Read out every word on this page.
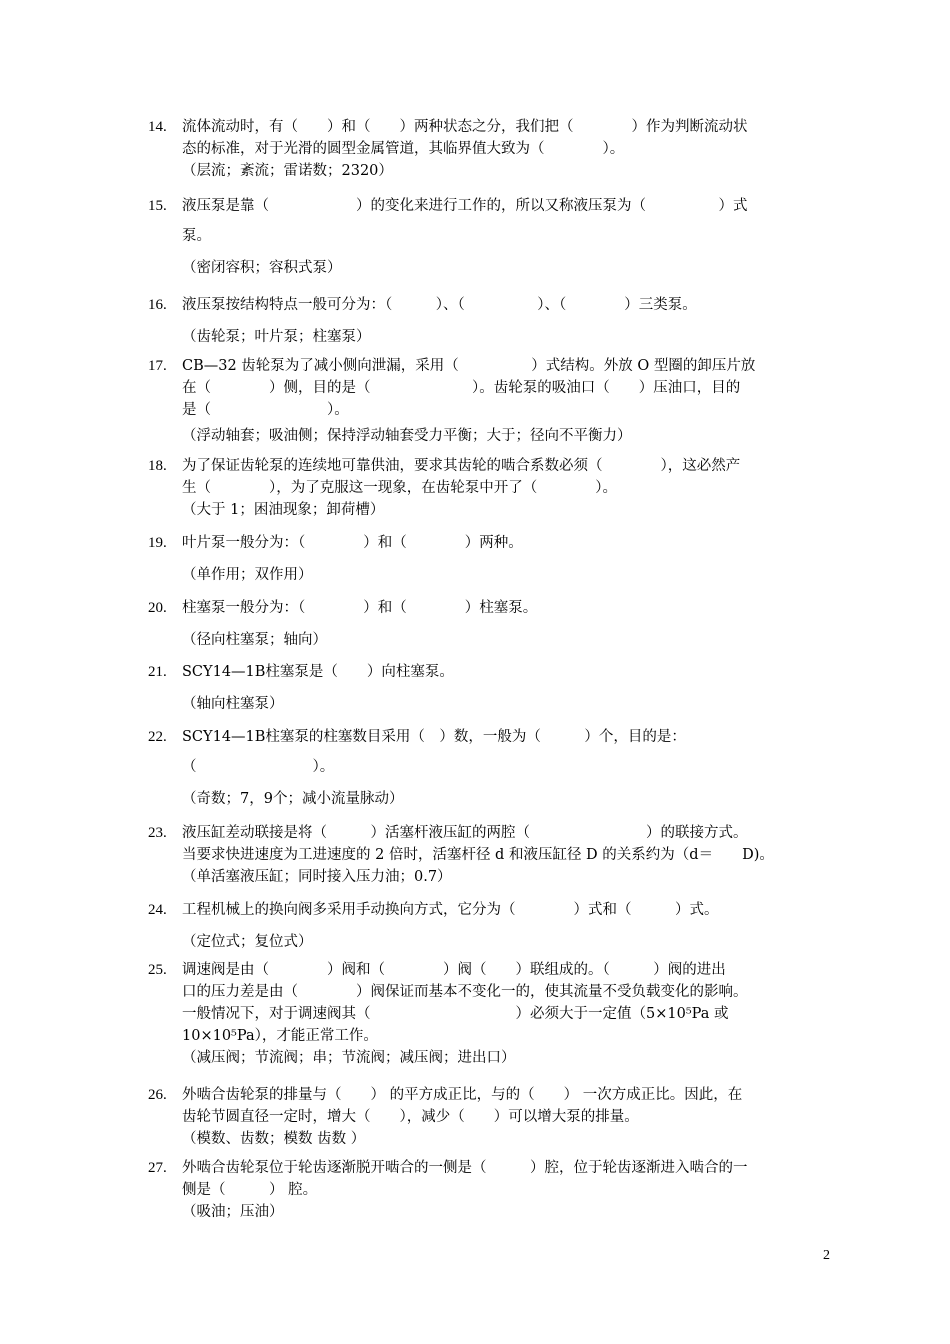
14.	流体流动时，有（　　）和（　　）两种状态之分，我们把（　　　　）作为判断流动状
态的标准，对于光滑的圆型金属管道，其临界值大致为（　　　　）。
（层流；紊流；雷诺数；2320）
15.	液压泵是靠（　　　　　　）的变化来进行工作的，所以又称液压泵为（　　　　　）式
泵。
（密闭容积；容积式泵）
16.	液压泵按结构特点一般可分为：（　　　）、（　　　　　）、（　　　　）三类泵。
（齿轮泵；叶片泵；柱塞泵）
17.	CB—32 齿轮泵为了减小侧向泄漏，采用（　　　　　）式结构。外放 O 型圈的卸压片放
在（　　　　）侧，目的是（　　　　　　　）。齿轮泵的吸油口（　　）压油口，目的
是（　　　　　　　　）。
（浮动轴套；吸油侧；保持浮动轴套受力平衡；大于；径向不平衡力）
18.	为了保证齿轮泵的连续地可靠供油，要求其齿轮的啮合系数必须（　　　　），这必然产
生（　　　　），为了克服这一现象，在齿轮泵中开了（　　　　）。
（大于 1；困油现象；卸荷槽）
19.	叶片泵一般分为：（　　　　）和（　　　　）两种。
（单作用；双作用）
20.	柱塞泵一般分为：（　　　　）和（　　　　）柱塞泵。
（径向柱塞泵；轴向）
21.	SCY14—1B柱塞泵是（　　）向柱塞泵。
（轴向柱塞泵）
22.	SCY14—1B柱塞泵的柱塞数目采用（　）数，一般为（　　　）个，目的是：
（　　　　　　　　）。
（奇数；7，9个；减小流量脉动）
23.	液压缸差动联接是将（　　　）活塞杆液压缸的两腔（　　　　　　　　）的联接方式。
当要求快进速度为工进速度的 2 倍时，活塞杆径 d 和液压缸径 D 的关系约为（d＝　　D)。
（单活塞液压缸；同时接入压力油；0.7）
24.	工程机械上的换向阀多采用手动换向方式，它分为（　　　　）式和（　　　）式。
（定位式；复位式）
25.	调速阀是由（　　　　）阀和（　　　　）阀（　　）联组成的。（　　　）阀的进出
口的压力差是由（　　　　）阀保证而基本不变化一的，使其流量不受负载变化的影响。
一般情况下，对于调速阀其（　　　　　　　　　　）必须大于一定值（5×10⁵Pa 或
10×10⁵Pa），才能正常工作。
（减压阀；节流阀；串；节流阀；减压阀；进出口）
26.	外啮合齿轮泵的排量与（　　） 的平方成正比，与的（　　） 一次方成正比。因此，在
齿轮节圆直径一定时，增大（　　），减少（　　）可以增大泵的排量。
（模数、齿数；模数 齿数 ）
27.	外啮合齿轮泵位于轮齿逐渐脱开啮合的一侧是（　　　）腔，位于轮齿逐渐进入啮合的一
侧是（　　　） 腔。
（吸油；压油）
2
